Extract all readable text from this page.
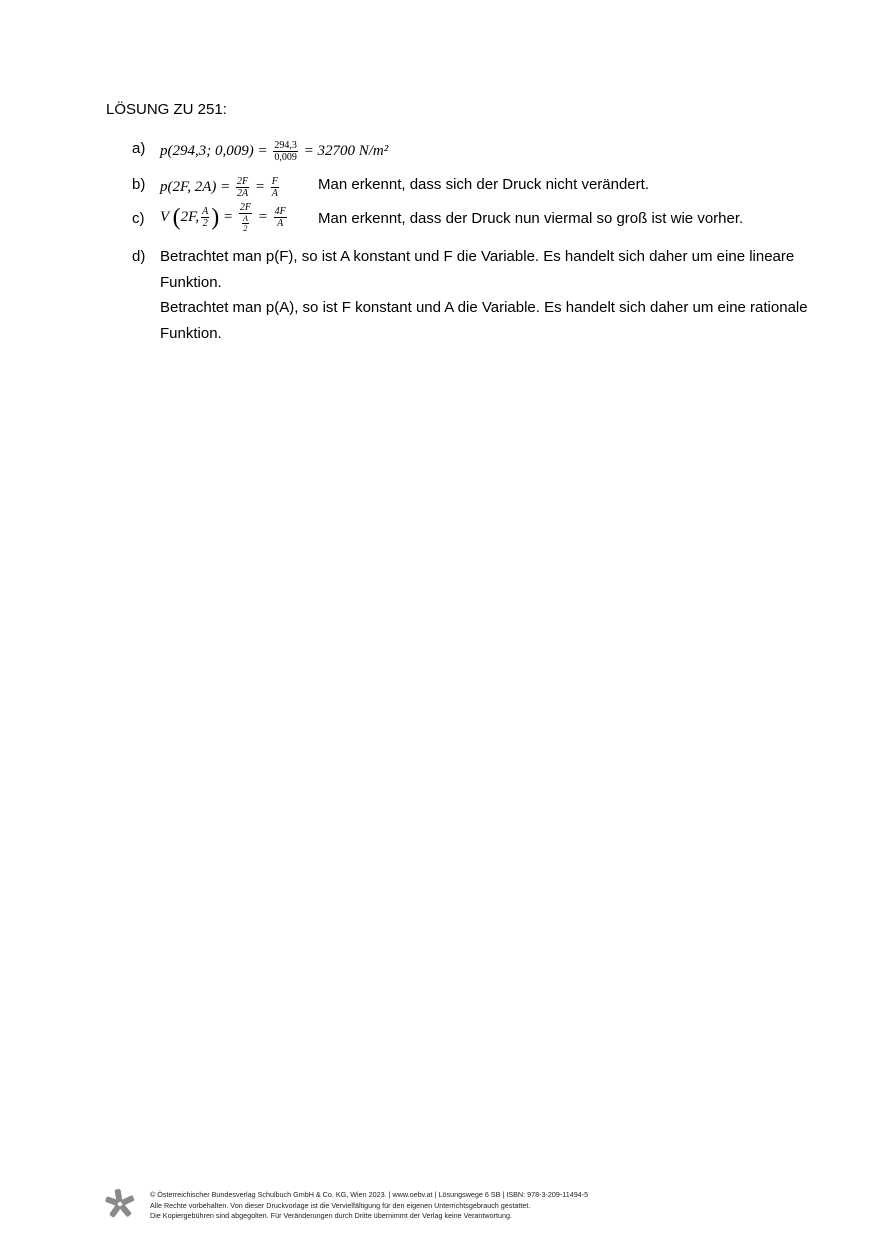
LÖSUNG ZU 251:
a) p(294,3; $0,009) = \frac{294,3}{0,009} = 32700$ N/m²
b) p(2F, $2A) = \frac{2F}{2A} = \frac{F}{A}$	Man erkennt, dass sich der Druck nicht verändert.
c)	V (2F, $\frac{A}{2}$ ) = $\frac{2F}{\frac{A}{2}} = \frac{4F}{A}$ Man erkennt, dass der Druck nun viermal so groß ist wie vorher.
d) Betrachtet man p(F), so ist A konstant und F die Variable. Es handelt sich daher um eine lineare Funktion.

Betrachtet man p(A), so ist F konstant und A die Variable. Es handelt sich daher um eine rationale Funktion.

© Österreichischer Bundesverlag Schulbuch GmbH & Co. KG, Wien 2023. | www.oebv.at | Lösungswege 6 SB | ISBN: 978-3-209-11494-5
Alle Rechte vorbehalten. Von dieser Druckvorlage ist die Vervielfältigung für den eigenen Unterrichtsgebrauch gestattet.
Die Kopiergebühren sind abgegolten. Für Veränderungen durch Dritte übernimmt der Verlag keine Verantwortung.
